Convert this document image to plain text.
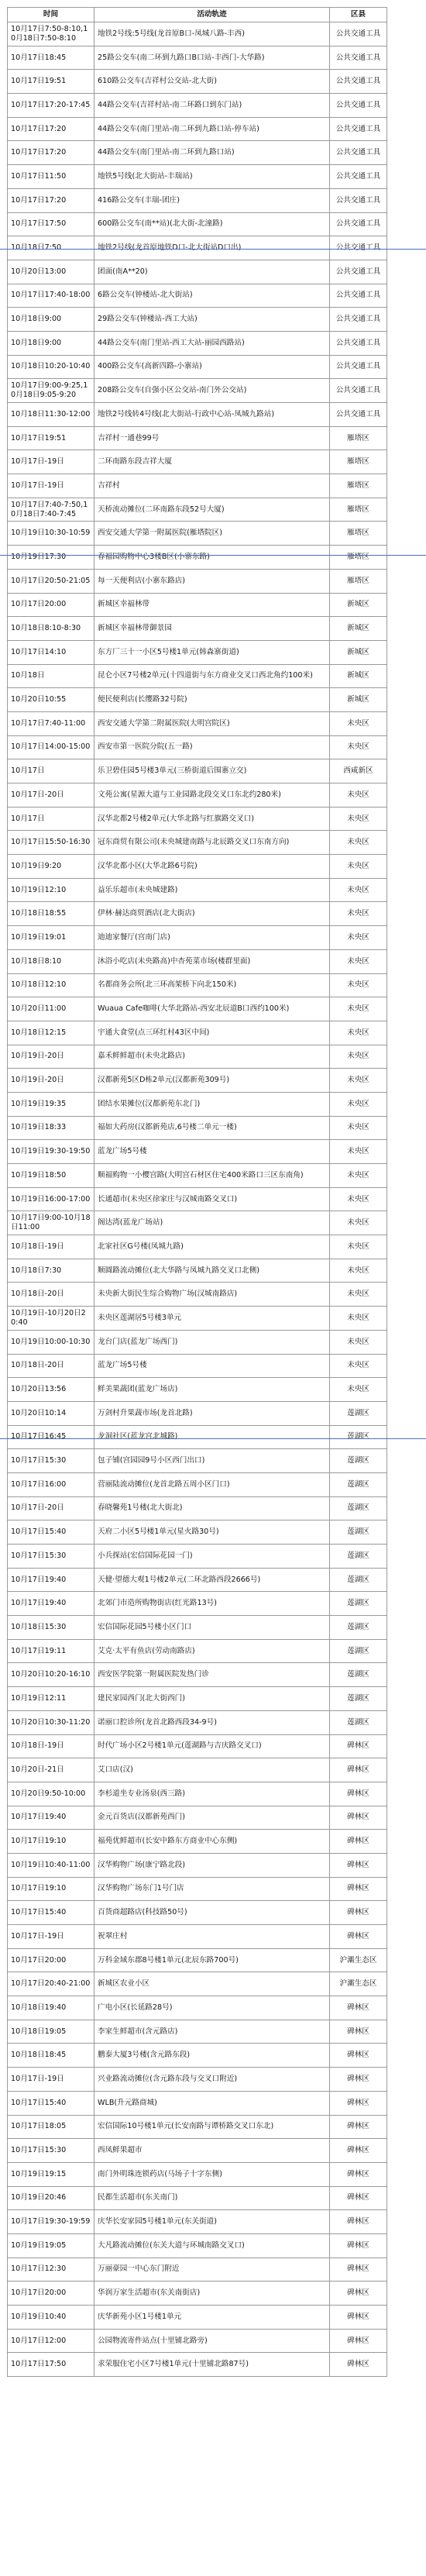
时间	活动轨迹	区县
10月17日7:50-8:10,10月18日7:50-8:10	地铁2号线:5号线(龙首原B口-凤城八路-丰西)	公共交通工具
10月17日18:45	25路公交车(南二环到九路口B口站-丰西门-大华路)	公共交通工具
10月17日19:51	610路公交车(吉祥村公交站-北大街)	公共交通工具
10月17日17:20-17:45	44路公交车(吉祥村站-南二环路口到东门站)	公共交通工具
10月17日17:20	44路公交车(南门里站-南二环到九路口站-停车站)	公共交通工具
10月17日17:20	44路公交车(南门里站-南二环到九路口站)	公共交通工具
10月17日11:50	地铁5号线(北大街站-丰瑞站)	公共交通工具
10月17日17:20	416路公交车(丰瑞-团庄)	公共交通工具
10月17日17:50	600路公交车(南**站)(北大街-北潼路)	公共交通工具
10月18日7:50	地铁2号线(龙首原地铁D口-北大街站D口出)	公共交通工具
10月20日13:00	团面(南A**20)	公共交通工具
10月17日17:40-18:00	6路公交车(钟楼站-北大街站)	公共交通工具
10月18日9:00	29路公交车(钟楼站-西工大站)	公共交通工具
10月18日9:00	44路公交车(南门里站-西工大站-丽园西路站)	公共交通工具
10月18日10:20-10:40	400路公交车(高新四路-小寨站)	公共交通工具
10月17日9:00-9:25,10月18日9:05-9:20	208路公交车(自强小区公交站-南门外公交站)	公共交通工具
10月18日11:30-12:00	地铁2号线转4号线(北大街站-行政中心站-凤城九路站)	公共交通工具
10月17日19:51	吉祥村一通巷99号	雁塔区
10月17日-19日	二环南路东段吉祥大厦	雁塔区
10月17日-19日	吉祥村	雁塔区
10月17日7:40-7:50,10月18日7:40-7:45	天桥流动摊位(二环南路东段52号大厦)	雁塔区
10月19日10:30-10:59	西安交通大学第一附属医院(雁塔院区)	雁塔区
10月19日17:30	春福园购物中心3楼B区(小寨东路)	雁塔区
10月17日20:50-21:05	每一天便利店(小寨东路店)	雁塔区
10月17日20:00	新城区幸福林带	新城区
10月18日8:10-8:30	新城区幸福林带御景园	新城区
10月17日14:10	东方厂三十一小区5号楼1单元(韩森寨街道)	新城区
10月18日	昆仑小区7号楼2单元(十四道街与东方商业交叉口西北角约100米)	新城区
10月20日10:55	便民便利店(长缨路32号院)	新城区
10月17日7:40-11:00	西安交通大学第二附属医院(大明宫院区)	未央区
10月17日14:00-15:00	西安市第一医院分院(五一路)	未央区
10月17日	乐卫碧佳园5号楼3单元(三桥街道后围寨立交)	西咸新区
10月17日-20日	文苑公寓(星源大道与工业园路北段交叉口东北约280米)	未央区
10月17日	汉华北都2号楼2单元(大华北路与红旗路交叉口)	未央区
10月17日15:50-16:30	冠东商贸有限公司(未央城建南路与北辰路交叉口东南方向)	未央区
10月19日9:20	汉华北都小区(大华北路6号院)	未央区
10月19日12:10	益乐乐超市(未央城建路)	未央区
10月18日18:55	伊林·赫达商贸酒店(北大街店)	未央区
10月19日19:01	迪迪家餐厅(宫南门店)	未央区
10月18日8:10	沐浴小吃店(未央路高)中杏苑菜市场(楼群里面)	未央区
10月18日12:10	名都商务会所(北三环高架桥下向北150米)	未央区
10月20日11:00	Wuaua Cafe咖啡(大华北路站-西安北辰道B口西约100米)	未央区
10月18日12:15	宇通大食堂(点三环红村43区中间)	未央区
10月19日-20日	嘉禾鲜鲜超市(未央北路店)	未央区
10月19日-20日	汉都新苑5区D栋2单元(汉都新苑309号)	未央区
10月19日19:35	团结水果摊位(汉都新苑东北门)	未央区
10月19日18:33	福如大药房(汉都新苑店,6号楼二单元一楼)	未央区
10月19日19:30-19:50	蓝龙广场5号楼	未央区
10月19日18:50	顺福购物一小樱宫路(大明宫石材区住宅400米路口三区东南角)	未央区
10月19日16:00-17:00	长通超市(未央区徐家庄与汉城南路交叉口)	未央区
10月17日9:00-10月18日11:00	阁达湾(蓝龙广场站)	未央区
10月18日-19日	北家社区G号楼(凤城九路)	未央区
10月18日7:30	顺圆路流动摊位(北大华路与凤城九路交叉口北侧)	未央区
10月18日-20日	未央新大街民生综合购物广场(汉城南路店)	未央区
10月19日-10月20日20:40	未央区莲湖居5号楼3单元	未央区
10月19日10:00-10:30	龙台门店(蓝龙广场西门)	未央区
10月18日-20日	蓝龙广场5号楼	未央区
10月20日13:56	鲜美果蔬团(蓝龙广场店)	未央区
10月20日10:14	万剑村升果蔬市场(龙首北路)	莲湖区
10月17日16:45	龙洞社区(蓝龙宫北城路)	莲湖区
10月17日15:30	包子铺(宫园园9号小区西门出口)	莲湖区
10月17日16:00	营丽陆流动摊位(龙首北路五周小区门口)	莲湖区
10月17日-20日	春晓馨苑1号楼(北大街北)	莲湖区
10月17日15:40	天府二小区5号楼1单元(星火路30号)	莲湖区
10月17日15:30	小兵探站(宏信国际花园一门)	莲湖区
10月17日19:40	天健·望德大观1号楼2单元(二环北路西段2666号)	莲湖区
10月17日19:40	北郊门市造所购物街店(红光路13号)	莲湖区
10月18日15:30	宏信国际花园5号楼小区门口	莲湖区
10月17日19:11	艾克·太平有鱼店(劳动南路店)	莲湖区
10月20日10:20-16:10	西安医学院第一附属医院发热门诊	莲湖区
10月19日12:11	建民家园西门(北大街西门)	莲湖区
10月20日10:30-11:20	诺丽口腔诊所(龙首北路西段34-9号)	莲湖区
10月18日-19日	时代广场小区2号楼1单元(莲湖路与吉庆路交叉口)	碑林区
10月20日-21日	艾口店(汉)	碑林区
10月20日9:50-10:00	李杉道坐专业汤泉(西三路)	碑林区
10月17日19:40	金元百货店(汉都新苑西门)	碑林区
10月17日19:10	福苑优鲜超市(长安中路东方商业中心东侧)	碑林区
10月19日10:40-11:00	汉华购物广场(康宁路北段)	碑林区
10月17日19:10	汉华购物广场东门1号门店	碑林区
10月17日15:40	百货商超路店(科技路50号)	碑林区
10月17日-19日	祝翠庄村	碑林区
10月17日20:00	万科金域东郡8号楼1单元(北辰东路700号)	沪灞生态区
10月17日20:40-21:00	新城区农业小区	沪灞生态区
10月18日19:40	广电小区(长延路28号)	碑林区
10月18日19:05	李家生鲜超市(含元路店)	碑林区
10月18日18:45	鹏泰大厦3号楼(含元路东段)	碑林区
10月17日-19日	兴业路流动摊位(含元路东段与交叉口附近)	碑林区
10月17日15:40	WLB(升元路商城)	碑林区
10月17日18:05	宏信国际10号楼1单元(长安南路与谭桥路交叉口东北)	碑林区
10月17日15:30	西凤鲜果超市	碑林区
10月19日19:15	南门外明珠连锁药店(马场子十字东侧)	碑林区
10月19日20:46	民都生活超市(东关南门)	碑林区
10月17日19:30-19:59	庆华长安家园5号楼1单元(东关街道)	碑林区
10月19日19:05	大凡路流动摊位(东关大道与环城南路交叉口)	碑林区
10月17日12:30	万丽豪园一中心东门附近	碑林区
10月17日20:00	华润万家生活超市(东关南街店)	碑林区
10月19日10:40	庆华新苑小区1号楼1单元	碑林区
10月17日12:00	公园物流寄件站点(十里铺北路旁)	碑林区
10月17日17:50	求荣服住宅小区7号楼1单元(十里铺北路87号)	碑林区
